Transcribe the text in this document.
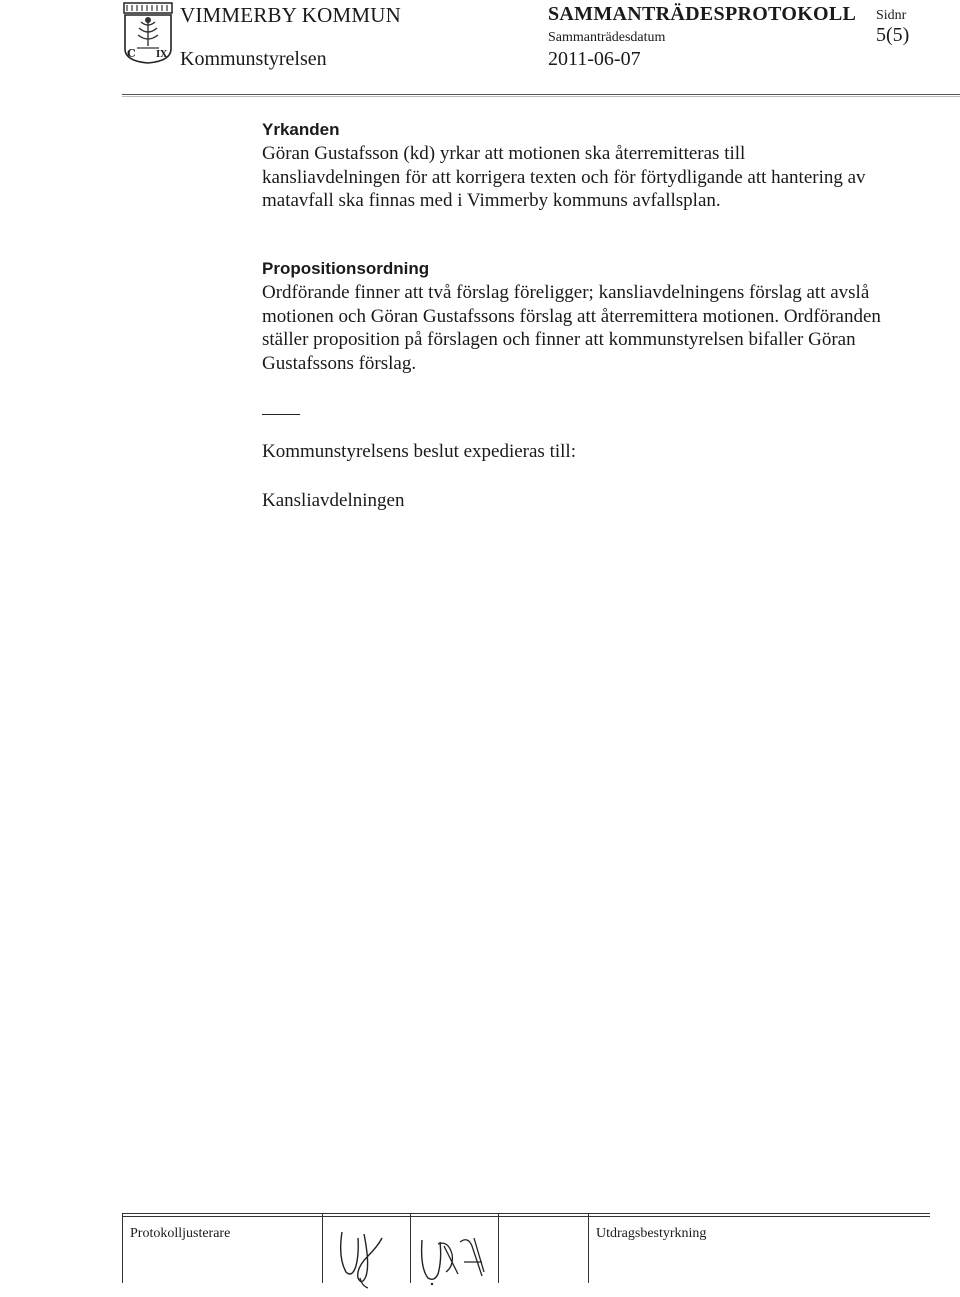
C IX
VIMMERBY KOMMUN
Kommunstyrelsen
SAMMANTRÄDESPROTOKOLL
Sammanträdesdatum
2011-06-07
Sidnr
5(5)
Yrkanden

Göran Gustafsson (kd) yrkar att motionen ska återremitteras till kansliavdelningen för att korrigera texten och för förtydligande att hantering av matavfall ska finnas med i Vimmerby kommuns avfallsplan.

Propositionsordning

Ordförande finner att två förslag föreligger; kansliavdelningens förslag att avslå motionen och Göran Gustafssons förslag att återremittera motionen. Ordföranden ställer proposition på förslagen och finner att kommunstyrelsen bifaller Göran Gustafssons förslag.

Kommunstyrelsens beslut expedieras till:
Kansliavdelningen
Protokolljusterare	Utdragsbestyrkning
